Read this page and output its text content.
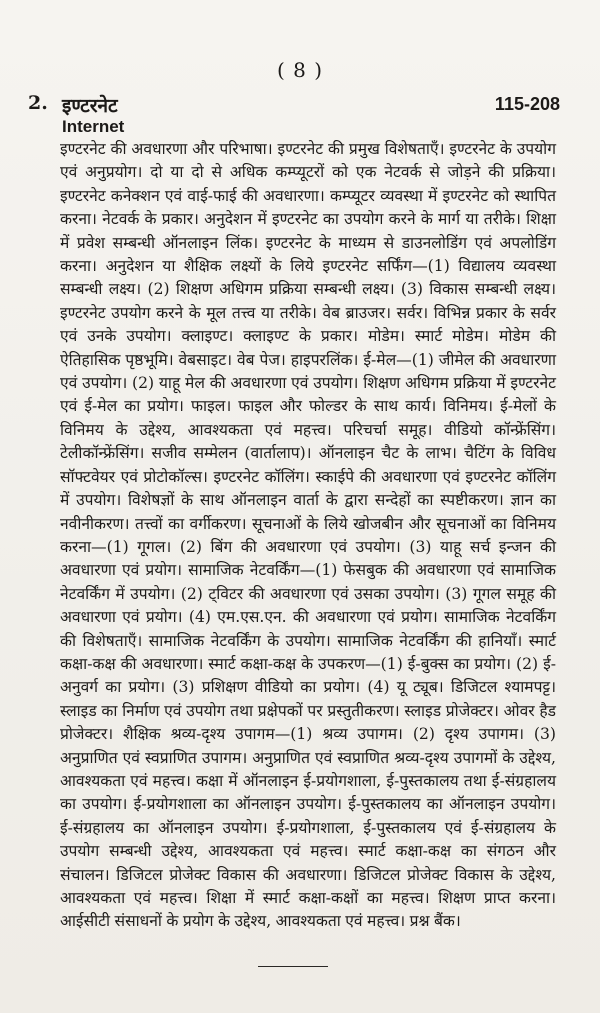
( 8 )
2. इण्टरनेट	115-208
Internet

इण्टरनेट की अवधारणा और परिभाषा। इण्टरनेट की प्रमुख विशेषताएँ। इण्टरनेट के उपयोग एवं अनुप्रयोग। दो या दो से अधिक कम्प्यूटरों को एक नेटवर्क से जोड़ने की प्रक्रिया। इण्टरनेट कनेक्शन एवं वाई-फाई की अवधारणा। कम्प्यूटर व्यवस्था में इण्टरनेट को स्थापित करना। नेटवर्क के प्रकार। अनुदेशन में इण्टरनेट का उपयोग करने के मार्ग या तरीके। शिक्षा में प्रवेश सम्बन्धी ऑनलाइन लिंक। इण्टरनेट के माध्यम से डाउनलोडिंग एवं अपलोडिंग करना। अनुदेशन या शैक्षिक लक्ष्यों के लिये इण्टरनेट सर्फिंग—(1) विद्यालय व्यवस्था सम्बन्धी लक्ष्य। (2) शिक्षण अधिगम प्रक्रिया सम्बन्धी लक्ष्य। (3) विकास सम्बन्धी लक्ष्य। इण्टरनेट उपयोग करने के मूल तत्त्व या तरीके। वेब ब्राउजर। सर्वर। विभिन्न प्रकार के सर्वर एवं उनके उपयोग। क्लाइण्ट। क्लाइण्ट के प्रकार। मोडेम। स्मार्ट मोडेम। मोडेम की ऐतिहासिक पृष्ठभूमि। वेबसाइट। वेब पेज। हाइपरलिंक। ई-मेल—(1) जीमेल की अवधारणा एवं उपयोग। (2) याहू मेल की अवधारणा एवं उपयोग। शिक्षण अधिगम प्रक्रिया में इण्टरनेट एवं ई-मेल का प्रयोग। फाइल। फाइल और फोल्डर के साथ कार्य। विनिमय। ई-मेलों के विनिमय के उद्देश्य, आवश्यकता एवं महत्त्व। परिचर्चा समूह। वीडियो कॉन्फ्रेंसिंग। टेलीकॉन्फ्रेंसिंग। सजीव सम्मेलन (वार्तालाप)। ऑनलाइन चैट के लाभ। चैटिंग के विविध सॉफ्टवेयर एवं प्रोटोकॉल्स। इण्टरनेट कॉलिंग। स्काईपे की अवधारणा एवं इण्टरनेट कॉलिंग में उपयोग। विशेषज्ञों के साथ ऑनलाइन वार्ता के द्वारा सन्देहों का स्पष्टीकरण। ज्ञान का नवीनीकरण। तत्त्वों का वर्गीकरण। सूचनाओं के लिये खोजबीन और सूचनाओं का विनिमय करना—(1) गूगल। (2) बिंग की अवधारणा एवं उपयोग। (3) याहू सर्च इन्जन की अवधारणा एवं प्रयोग। सामाजिक नेटवर्किंग—(1) फेसबुक की अवधारणा एवं सामाजिक नेटवर्किंग में उपयोग। (2) ट्विटर की अवधारणा एवं उसका उपयोग। (3) गूगल समूह की अवधारणा एवं प्रयोग। (4) एम.एस.एन. की अवधारणा एवं प्रयोग। सामाजिक नेटवर्किंग की विशेषताएँ। सामाजिक नेटवर्किंग के उपयोग। सामाजिक नेटवर्किंग की हानियाँ। स्मार्ट कक्षा-कक्ष की अवधारणा। स्मार्ट कक्षा-कक्ष के उपकरण—(1) ई-बुक्स का प्रयोग। (2) ई-अनुवर्ग का प्रयोग। (3) प्रशिक्षण वीडियो का प्रयोग। (4) यू ट्यूब। डिजिटल श्यामपट्ट। स्लाइड का निर्माण एवं उपयोग तथा प्रक्षेपकों पर प्रस्तुतीकरण। स्लाइड प्रोजेक्टर। ओवर हैड प्रोजेक्टर। शैक्षिक श्रव्य-दृश्य उपागम—(1) श्रव्य उपागम। (2) दृश्य उपागम। (3) अनुप्राणित एवं स्वप्राणित उपागम। अनुप्राणित एवं स्वप्राणित श्रव्य-दृश्य उपागमों के उद्देश्य, आवश्यकता एवं महत्त्व। कक्षा में ऑनलाइन ई-प्रयोगशाला, ई-पुस्तकालय तथा ई-संग्रहालय का उपयोग। ई-प्रयोगशाला का ऑनलाइन उपयोग। ई-पुस्तकालय का ऑनलाइन उपयोग। ई-संग्रहालय का ऑनलाइन उपयोग। ई-प्रयोगशाला, ई-पुस्तकालय एवं ई-संग्रहालय के उपयोग सम्बन्धी उद्देश्य, आवश्यकता एवं महत्त्व। स्मार्ट कक्षा-कक्ष का संगठन और संचालन। डिजिटल प्रोजेक्ट विकास की अवधारणा। डिजिटल प्रोजेक्ट विकास के उद्देश्य, आवश्यकता एवं महत्त्व। शिक्षा में स्मार्ट कक्षा-कक्षों का महत्त्व। शिक्षण प्राप्त करना। आईसीटी संसाधनों के प्रयोग के उद्देश्य, आवश्यकता एवं महत्त्व। प्रश्न बैंक।
